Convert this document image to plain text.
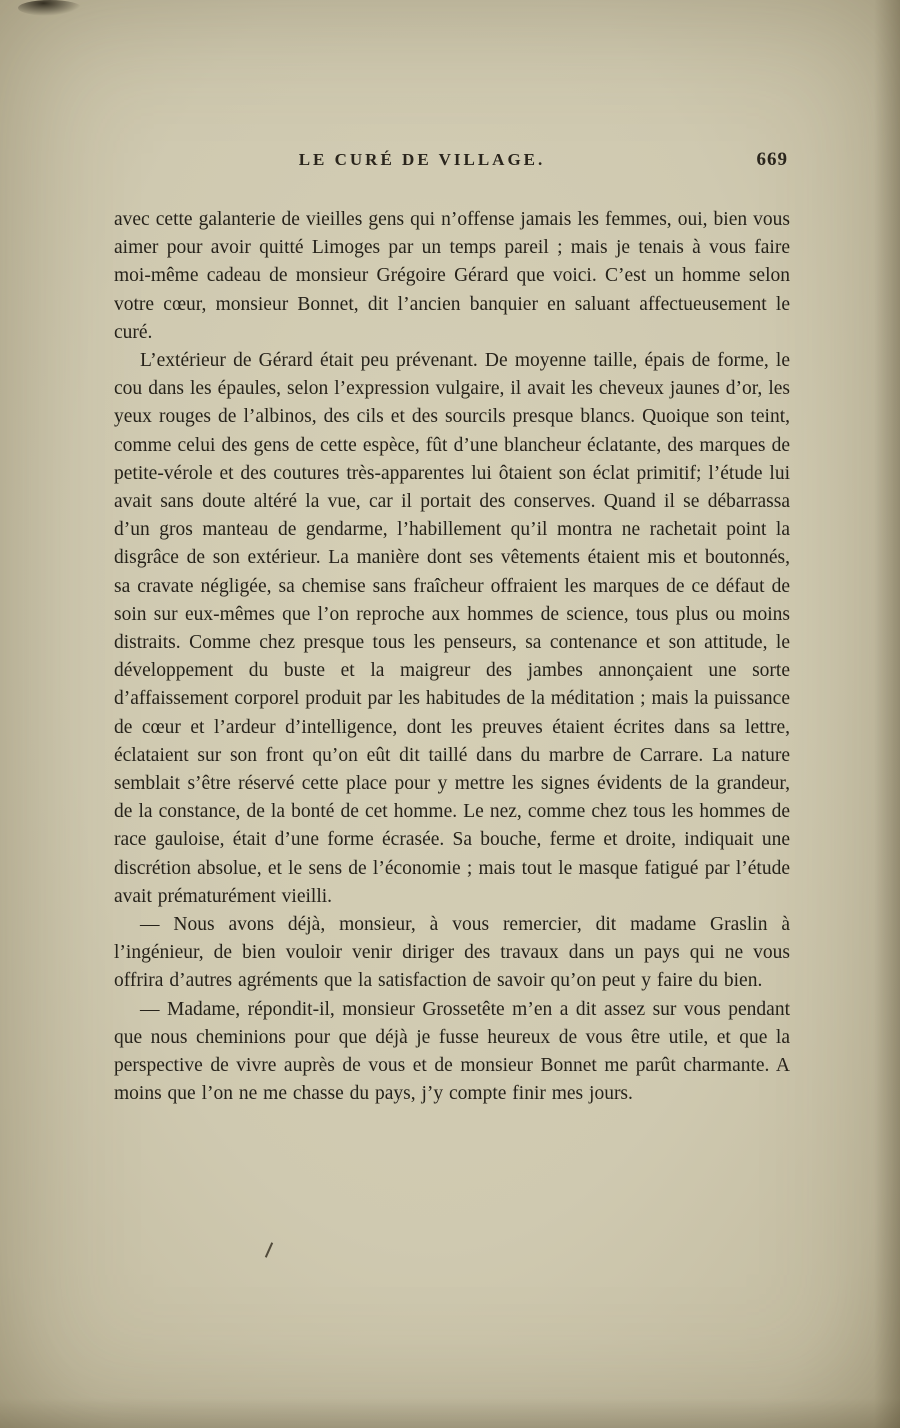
LE CURÉ DE VILLAGE.	669

avec cette galanterie de vieilles gens qui n’offense jamais les femmes, oui, bien vous aimer pour avoir quitté Limoges par un temps pareil ; mais je tenais à vous faire moi-même cadeau de monsieur Grégoire Gérard que voici. C’est un homme selon votre cœur, monsieur Bonnet, dit l’ancien banquier en saluant affectueusement le curé.

L’extérieur de Gérard était peu prévenant. De moyenne taille, épais de forme, le cou dans les épaules, selon l’expression vulgaire, il avait les cheveux jaunes d’or, les yeux rouges de l’albinos, des cils et des sourcils presque blancs. Quoique son teint, comme celui des gens de cette espèce, fût d’une blancheur éclatante, des marques de petite-vérole et des coutures très-apparentes lui ôtaient son éclat primitif; l’étude lui avait sans doute altéré la vue, car il portait des conserves. Quand il se débarrassa d’un gros manteau de gendarme, l’habillement qu’il montra ne rachetait point la disgrâce de son extérieur. La manière dont ses vêtements étaient mis et boutonnés, sa cravate négligée, sa chemise sans fraîcheur offraient les marques de ce défaut de soin sur eux-mêmes que l’on reproche aux hommes de science, tous plus ou moins distraits. Comme chez presque tous les penseurs, sa contenance et son attitude, le développement du buste et la maigreur des jambes annonçaient une sorte d’affaissement corporel produit par les habitudes de la méditation ; mais la puissance de cœur et l’ardeur d’intelligence, dont les preuves étaient écrites dans sa lettre, éclataient sur son front qu’on eût dit taillé dans du marbre de Carrare. La nature semblait s’être réservé cette place pour y mettre les signes évidents de la grandeur, de la constance, de la bonté de cet homme. Le nez, comme chez tous les hommes de race gauloise, était d’une forme écrasée. Sa bouche, ferme et droite, indiquait une discrétion absolue, et le sens de l’économie ; mais tout le masque fatigué par l’étude avait prématurément vieilli.

— Nous avons déjà, monsieur, à vous remercier, dit madame Graslin à l’ingénieur, de bien vouloir venir diriger des travaux dans un pays qui ne vous offrira d’autres agréments que la satisfaction de savoir qu’on peut y faire du bien.

— Madame, répondit-il, monsieur Grossetête m’en a dit assez sur vous pendant que nous cheminions pour que déjà je fusse heureux de vous être utile, et que la perspective de vivre auprès de vous et de monsieur Bonnet me parût charmante. A moins que l’on ne me chasse du pays, j’y compte finir mes jours.
